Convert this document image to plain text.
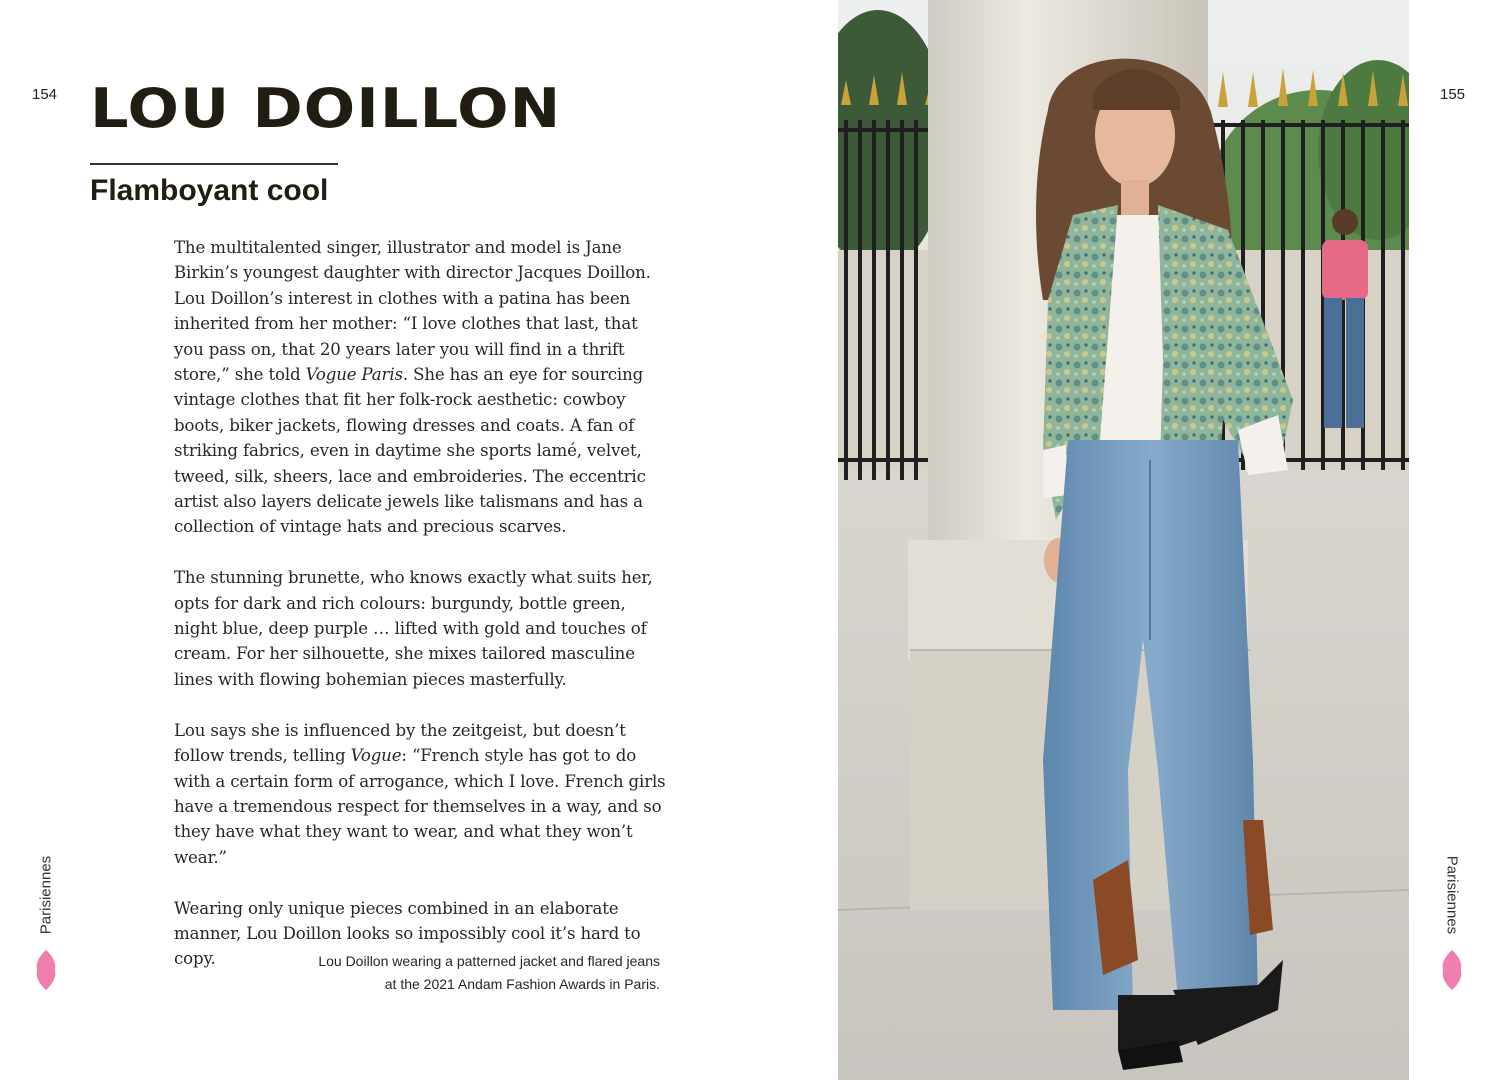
154 LOU DOILLON
Flamboyant cool

The multitalented singer, illustrator and model is Jane Birkin’s youngest daughter with director Jacques Doillon. Lou Doillon’s interest in clothes with a patina has been inherited from her mother: “I love clothes that last, that you pass on, that 20 years later you will find in a thrift store,” she told Vogue Paris. She has an eye for sourcing vintage clothes that fit her folk-rock aesthetic: cowboy boots, biker jackets, flowing dresses and coats. A fan of striking fabrics, even in daytime she sports lamé, velvet, tweed, silk, sheers, lace and embroideries. The eccentric artist also layers delicate jewels like talismans and has a collection of vintage hats and precious scarves.

The stunning brunette, who knows exactly what suits her, opts for dark and rich colours: burgundy, bottle green, night blue, deep purple … lifted with gold and touches of cream. For her silhouette, she mixes tailored masculine lines with flowing bohemian pieces masterfully.

Lou says she is influenced by the zeitgeist, but doesn’t follow trends, telling Vogue: “French style has got to do with a certain form of arrogance, which I love. French girls have a tremendous respect for themselves in a way, and so they have what they want to wear, and what they won’t wear.”

Wearing only unique pieces combined in an elaborate manner, Lou Doillon looks so impossibly cool it’s hard to copy.	Lou Doillon wearing a patterned jacket and flared jeans
at the 2021 Andam Fashion Awards in Paris.
Parisiennes
155
Parisiennes
